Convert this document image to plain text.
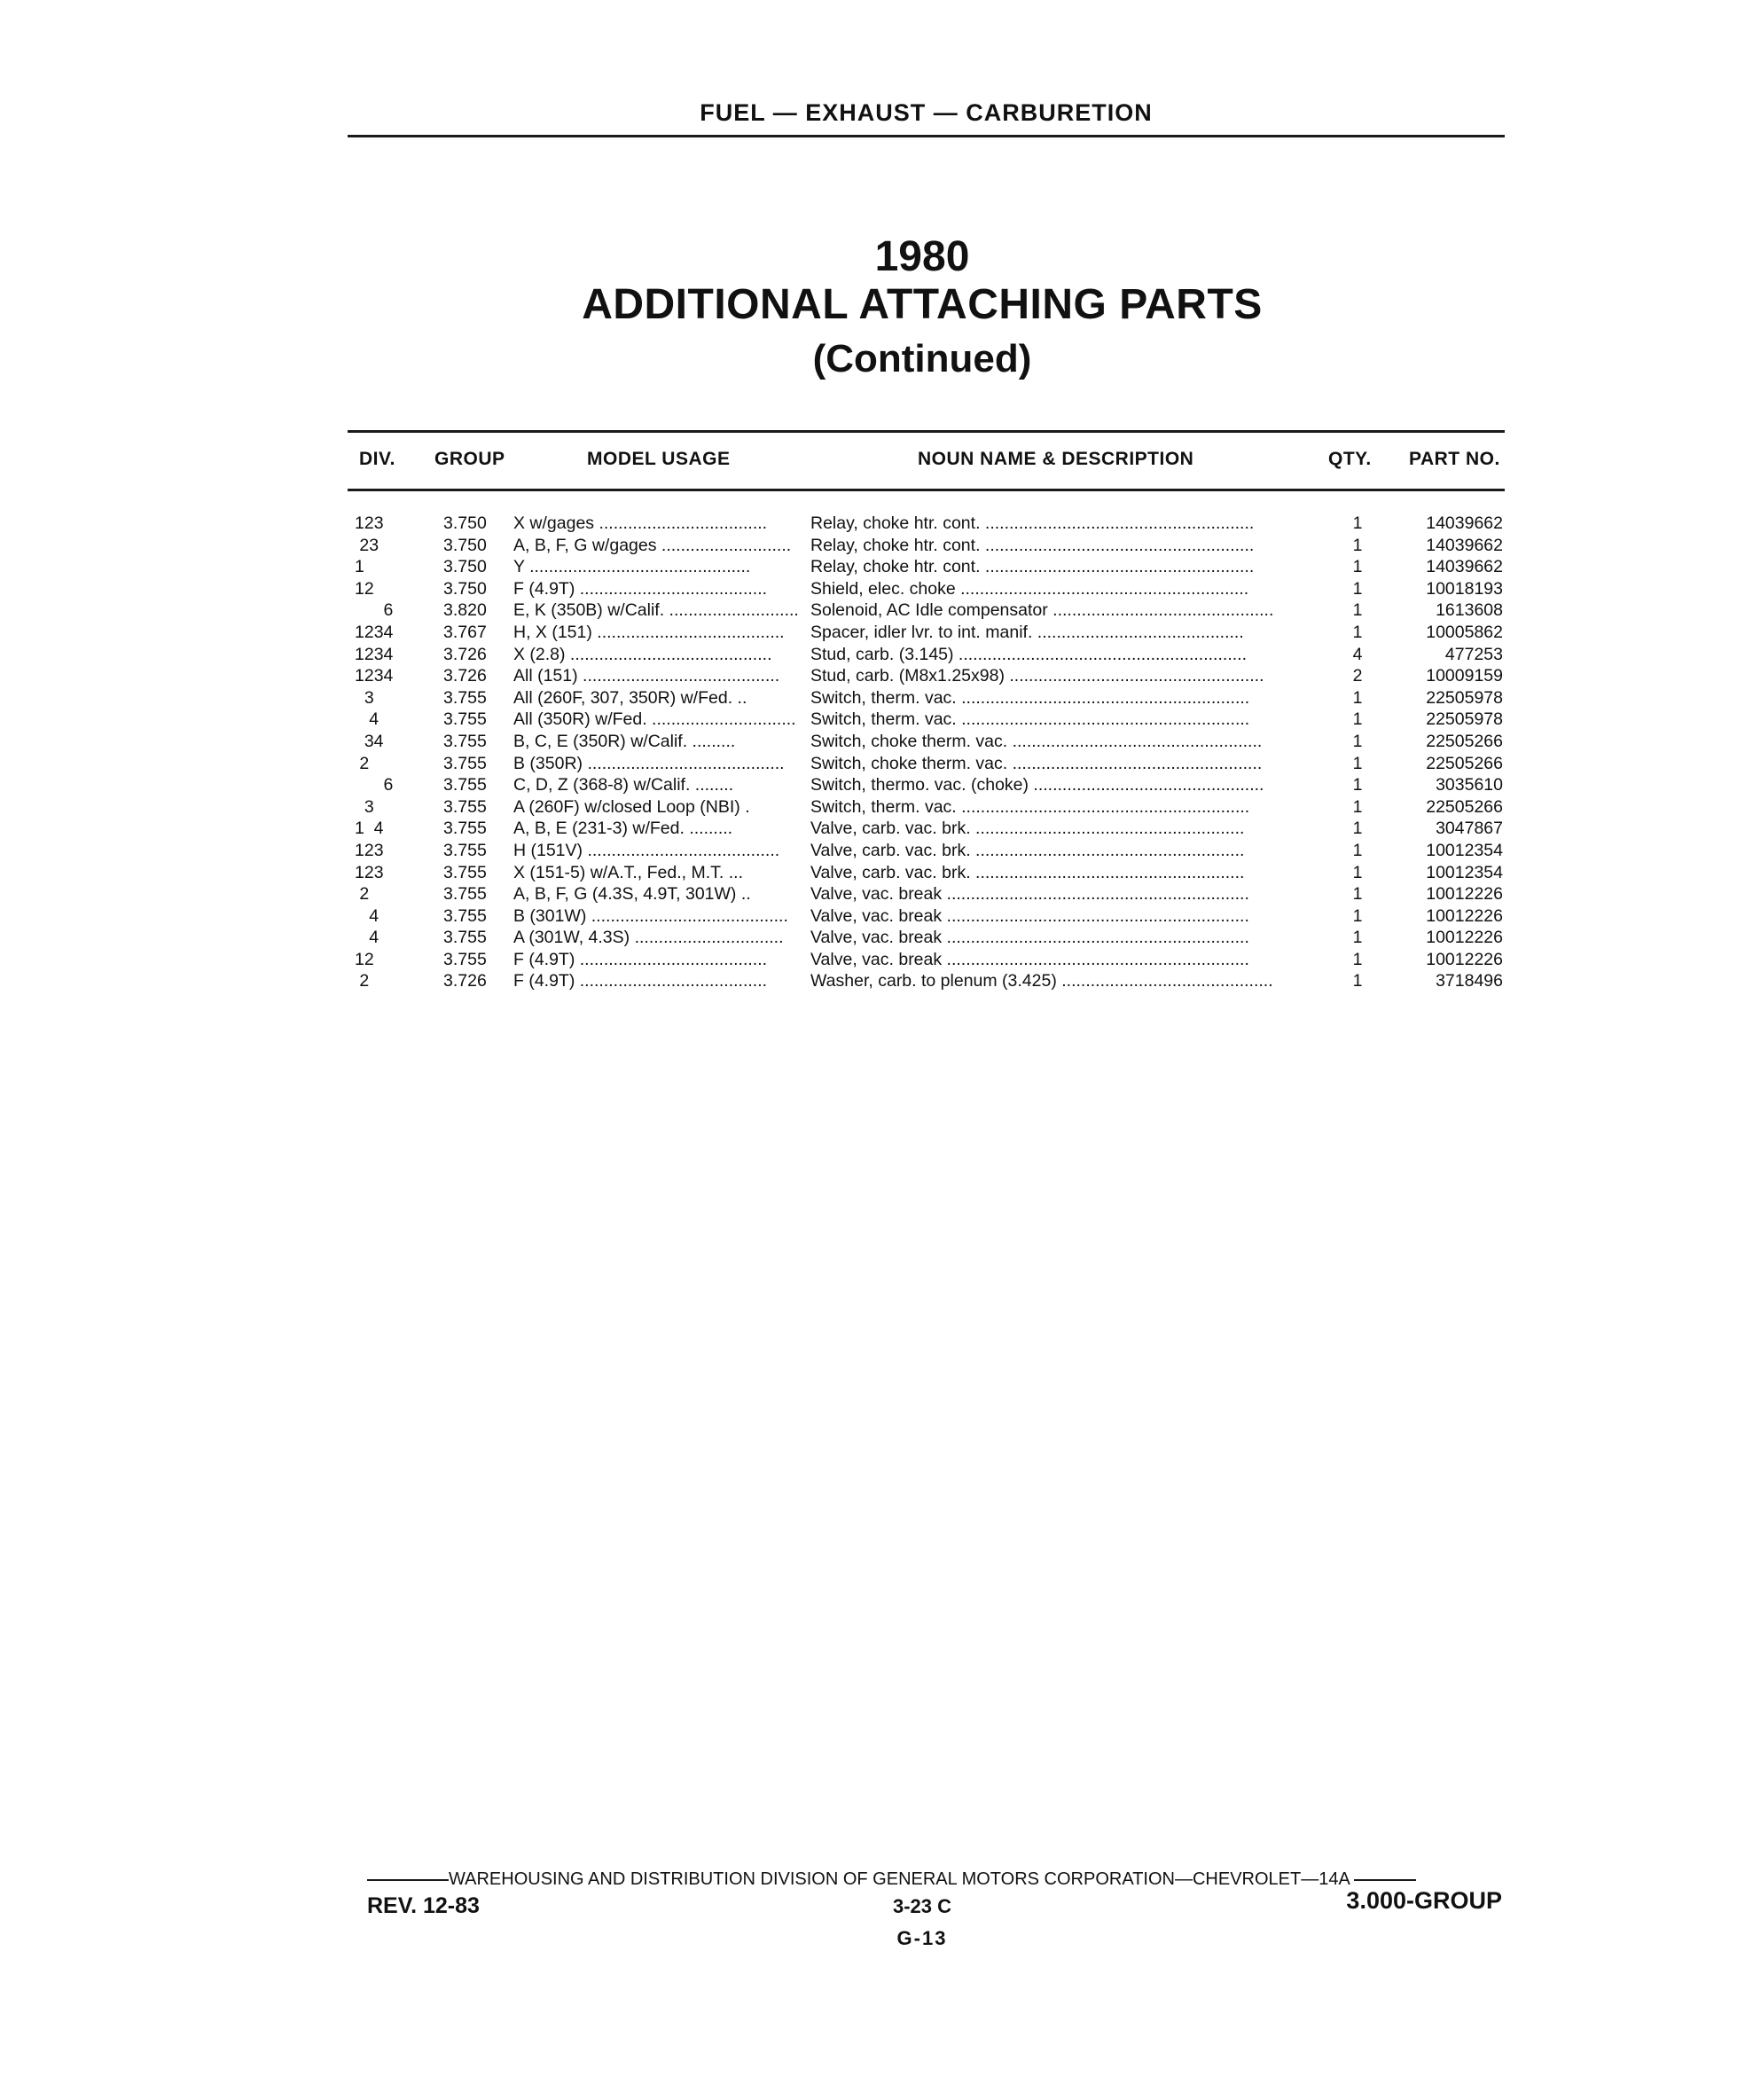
FUEL — EXHAUST — CARBURETION
1980
ADDITIONAL ATTACHING PARTS
(Continued)
DIV. GROUP	MODEL USAGE	NOUN NAME & DESCRIPTION	QTY. PART NO.
123	3.750 X w/gages ...................................	Relay, choke htr. cont. ........................................................	1	14039662
23	3.750 A, B, F, G w/gages ...........................	Relay, choke htr. cont. ........................................................	1	14039662
1	3.750 Y ..............................................	Relay, choke htr. cont. ........................................................	1	14039662
12	3.750 F (4.9T) .......................................	Shield, elec. choke ............................................................	1	10018193
6	3.820 E, K (350B) w/Calif. ........................... Solenoid, AC Idle compensator ..............................................	1	1613608
1234	3.767 H, X (151) .......................................	Spacer, idler lvr. to int. manif. ...........................................	1	10005862
1234	3.726 X (2.8) ..........................................	Stud, carb. (3.145) ............................................................	4	477253
1234	3.726 All (151) .........................................	Stud, carb. (M8x1.25x98) .....................................................	2	10009159
3	3.755 All (260F, 307, 350R) w/Fed. ..	Switch, therm. vac. ............................................................	1	22505978
4	3.755 All (350R) w/Fed. .............................. Switch, therm. vac. ............................................................	1	22505978
34	3.755 B, C, E (350R) w/Calif. .........	Switch, choke therm. vac. ....................................................	1	22505266
2	3.755 B (350R) .........................................	Switch, choke therm. vac. ....................................................	1	22505266
6	3.755 C, D, Z (368-8) w/Calif. ........	Switch, thermo. vac. (choke) ................................................	1	3035610
3	3.755 A (260F) w/closed Loop (NBI) .	Switch, therm. vac. ............................................................	1	22505266
1  4	3.755 A, B, E (231-3) w/Fed. .........	Valve, carb. vac. brk. ........................................................	1	3047867
123	3.755 H (151V) ........................................	Valve, carb. vac. brk. ........................................................	1	10012354
123	3.755 X (151-5) w/A.T., Fed., M.T. ...	Valve, carb. vac. brk. ........................................................	1	10012354
2	3.755 A, B, F, G (4.3S, 4.9T, 301W) ..	Valve, vac. break ...............................................................	1	10012226
4	3.755 B (301W) .........................................	Valve, vac. break ...............................................................	1	10012226
4	3.755 A (301W, 4.3S) ...............................	Valve, vac. break ...............................................................	1	10012226
12	3.755 F (4.9T) .......................................	Valve, vac. break ...............................................................	1	10012226
2	3.726 F (4.9T) .......................................	Washer, carb. to plenum (3.425) ............................................	1	3718496
WAREHOUSING AND DISTRIBUTION DIVISION OF GENERAL MOTORS CORPORATION—CHEVROLET—14A
REV. 12-83	3-23 C	3.000-GROUP
G-13
